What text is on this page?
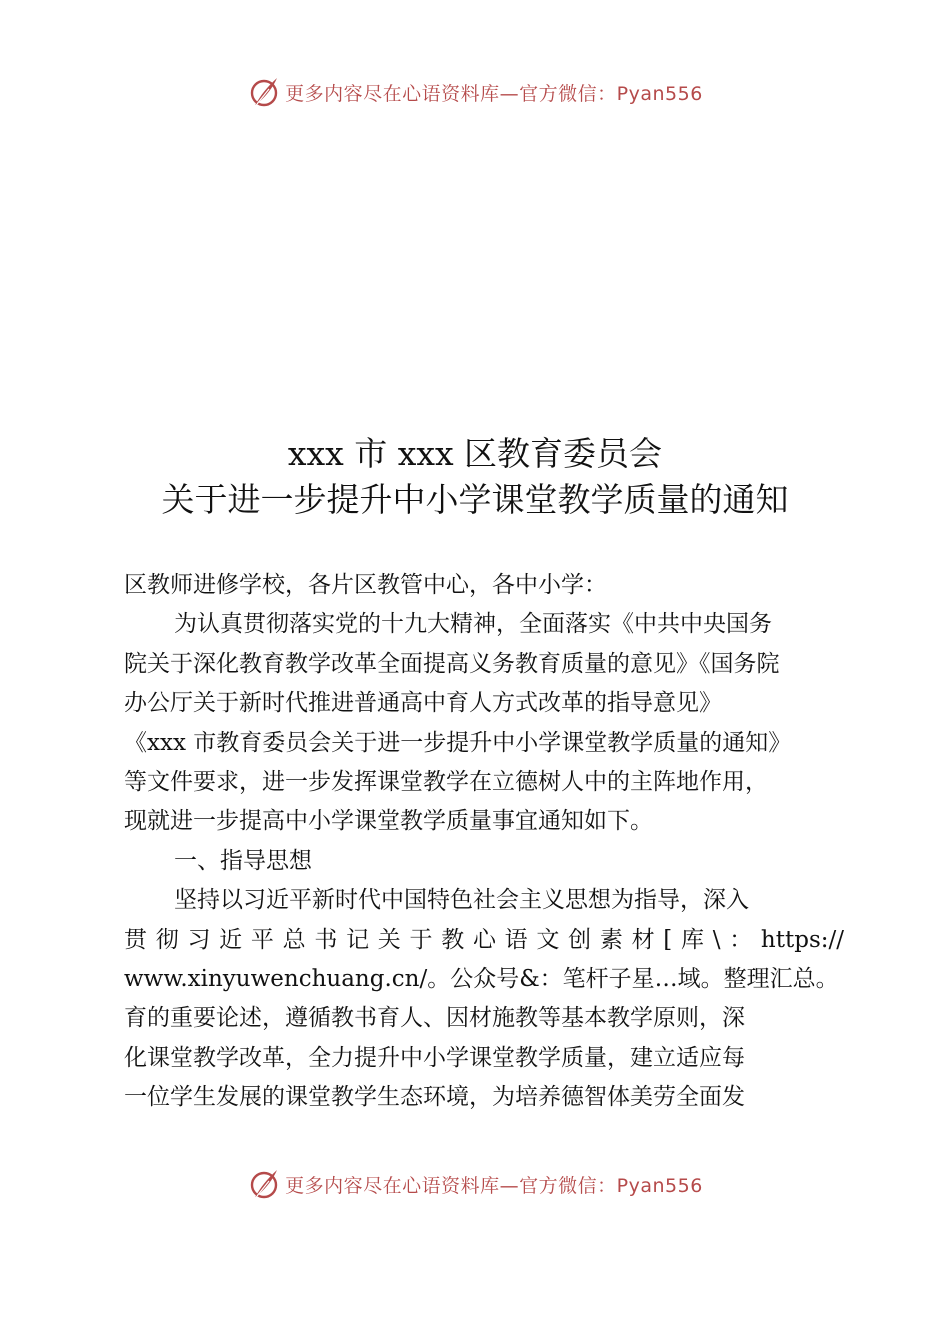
更多内容尽在心语资料库—官方微信：Pyan556
xxx 市 xxx 区教育委员会
关于进一步提升中小学课堂教学质量的通知
区教师进修学校，各片区教管中心，各中小学：
为认真贯彻落实党的十九大精神，全面落实《中共中央国务
院关于深化教育教学改革全面提高义务教育质量的意见》《国务院
办公厅关于新时代推进普通高中育人方式改革的指导意见》
《xxx 市教育委员会关于进一步提升中小学课堂教学质量的通知》
等文件要求，进一步发挥课堂教学在立德树人中的主阵地作用，
现就进一步提高中小学课堂教学质量事宜通知如下。
一、指导思想
坚持以习近平新时代中国特色社会主义思想为指导，深入
贯彻习近平总书记关于教心语文创素材[库\：https://
www.xinyuwenchuang.cn/。公众号&：笔杆子星…域。整理汇总。
育的重要论述，遵循教书育人、因材施教等基本教学原则，深
化课堂教学改革，全力提升中小学课堂教学质量，建立适应每
一位学生发展的课堂教学生态环境，为培养德智体美劳全面发
更多内容尽在心语资料库—官方微信：Pyan556
